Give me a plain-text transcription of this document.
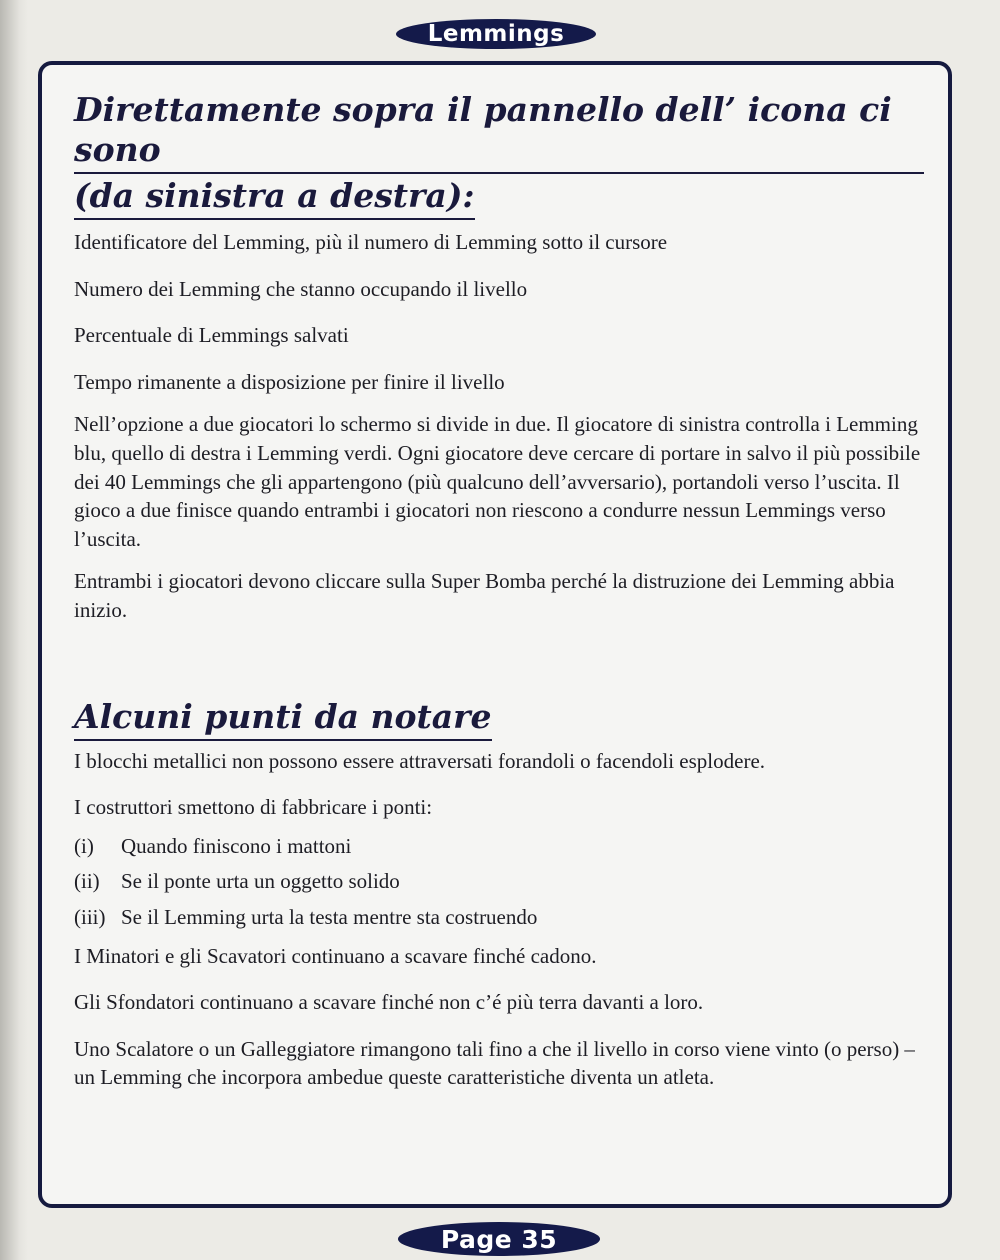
Lemmings
Direttamente sopra il pannello dell’ icona ci sono
(da sinistra a destra):

Identificatore del Lemming, più il numero di Lemming sotto il cursore

Numero dei Lemming che stanno occupando il livello

Percentuale di Lemmings salvati

Tempo rimanente a disposizione per finire il livello

Nell’opzione a due giocatori lo schermo si divide in due. Il giocatore di sinistra controlla i Lemming blu, quello di destra i Lemming verdi. Ogni giocatore deve cercare di portare in salvo il più possibile dei 40 Lemmings che gli appartengono (più qualcuno dell’avversario), portandoli verso l’uscita. Il gioco a due finisce quando entrambi i giocatori non riescono a condurre nessun Lemmings verso l’uscita.

Entrambi i giocatori devono cliccare sulla Super Bomba perché la distruzione dei Lemming abbia inizio.

Alcuni punti da notare

I blocchi metallici non possono essere attraversati forandoli o facendoli esplodere.

I costruttori smettono di fabbricare i ponti:

(i)	Quando finiscono i mattoni
(ii)	Se il ponte urta un oggetto solido
(iii) Se il Lemming urta la testa mentre sta costruendo

I Minatori e gli Scavatori continuano a scavare finché cadono.

Gli Sfondatori continuano a scavare finché non c’é più terra davanti a loro.

Uno Scalatore o un Galleggiatore rimangono tali fino a che il livello in corso viene vinto (o perso) – un Lemming che incorpora ambedue queste caratteristiche diventa un atleta.

Page 35
